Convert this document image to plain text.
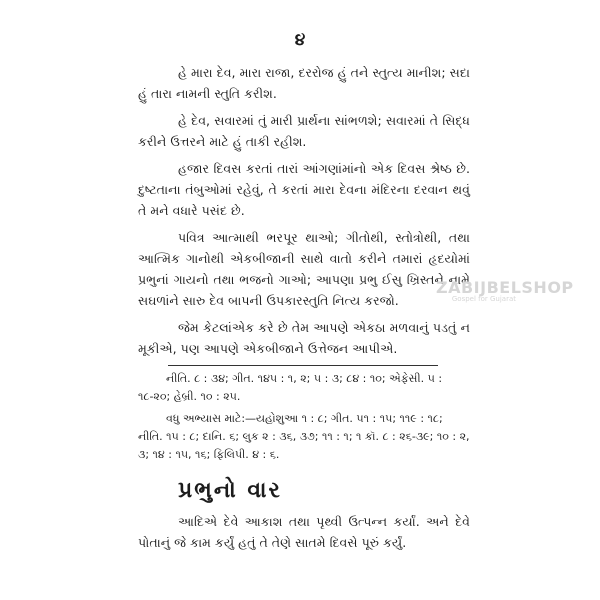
૪

હે મારા દેવ, મારા રાજા, દરરોજ હું તને સ્તુત્ય માનીશ; સદા હું તારા નામની સ્તુતિ કરીશ.

હે દેવ, સવારમાં તું મારી પ્રાર્થના સાંભળશે; સવારમાં તે સિદ્ધ કરીને ઉત્તરને માટે હું તાકી રહીશ.

હજાર દિવસ કરતાં તારાં આંગણાંમાંનો એક દિવસ શ્રેષ્ઠ છે. દુષ્ટતાના તંબુઓમાં રહેવું, તે કરતાં મારા દેવના મંદિરના દરવાન થવું તે મને વધારે પસંદ છે.

પવિત્ર આત્માથી ભરપૂર થાઓ; ગીતોથી, સ્તોત્રોથી, તથા આત્મિક ગાનોથી એકબીજાની સાથે વાતો કરીને તમારાં હૃદયોમાં પ્રભુનાં ગાયનો તથા ભજનો ગાઓ; આપણા પ્રભુ ઈસુ ખ્રિસ્તને નામે સઘળાંને સારુ દેવ બાપની ઉપકારસ્તુતિ નિત્ય કરજો.

જેમ કેટલાંએક કરે છે તેમ આપણે એકઠા મળવાનું પડતું ન મૂકીએ, પણ આપણે એકબીજાને ઉત્તેજન આપીએ.

નીતિ. ૮ : ૩૪; ગીત. ૧૪૫ : ૧, ૨; ૫ : ૩; ૮૪ : ૧૦; એફેસી. ૫ : ૧૮-૨૦; હેબ્રી. ૧૦ : ૨૫.

વધુ અભ્યાસ માટે:—યહોશુઆ ૧ : ૮; ગીત. ૫૧ : ૧૫; ૧૧૯ : ૧૮; નીતિ. ૧૫ : ૮; દાનિ. ૬; લુક ૨ : ૩૬, ૩૭; ૧૧ : ૧; ૧ કૉ. ૮ : ૨૬-૩૯; ૧૦ : ૨, ૩; ૧૪ : ૧૫, ૧૬; ફિલિપી. ૪ : ૬.

પ્રભુનો વાર

આદિએ દેવે આકાશ તથા પૃથ્વી ઉત્પન્ન કર્યાં. અને દેવે પોતાનું જે કામ કર્યું હતું તે તેણે સાતમે દિવસે પૂરું કર્યું.

ZABIJBELSHOP
Gospel for Gujarat
